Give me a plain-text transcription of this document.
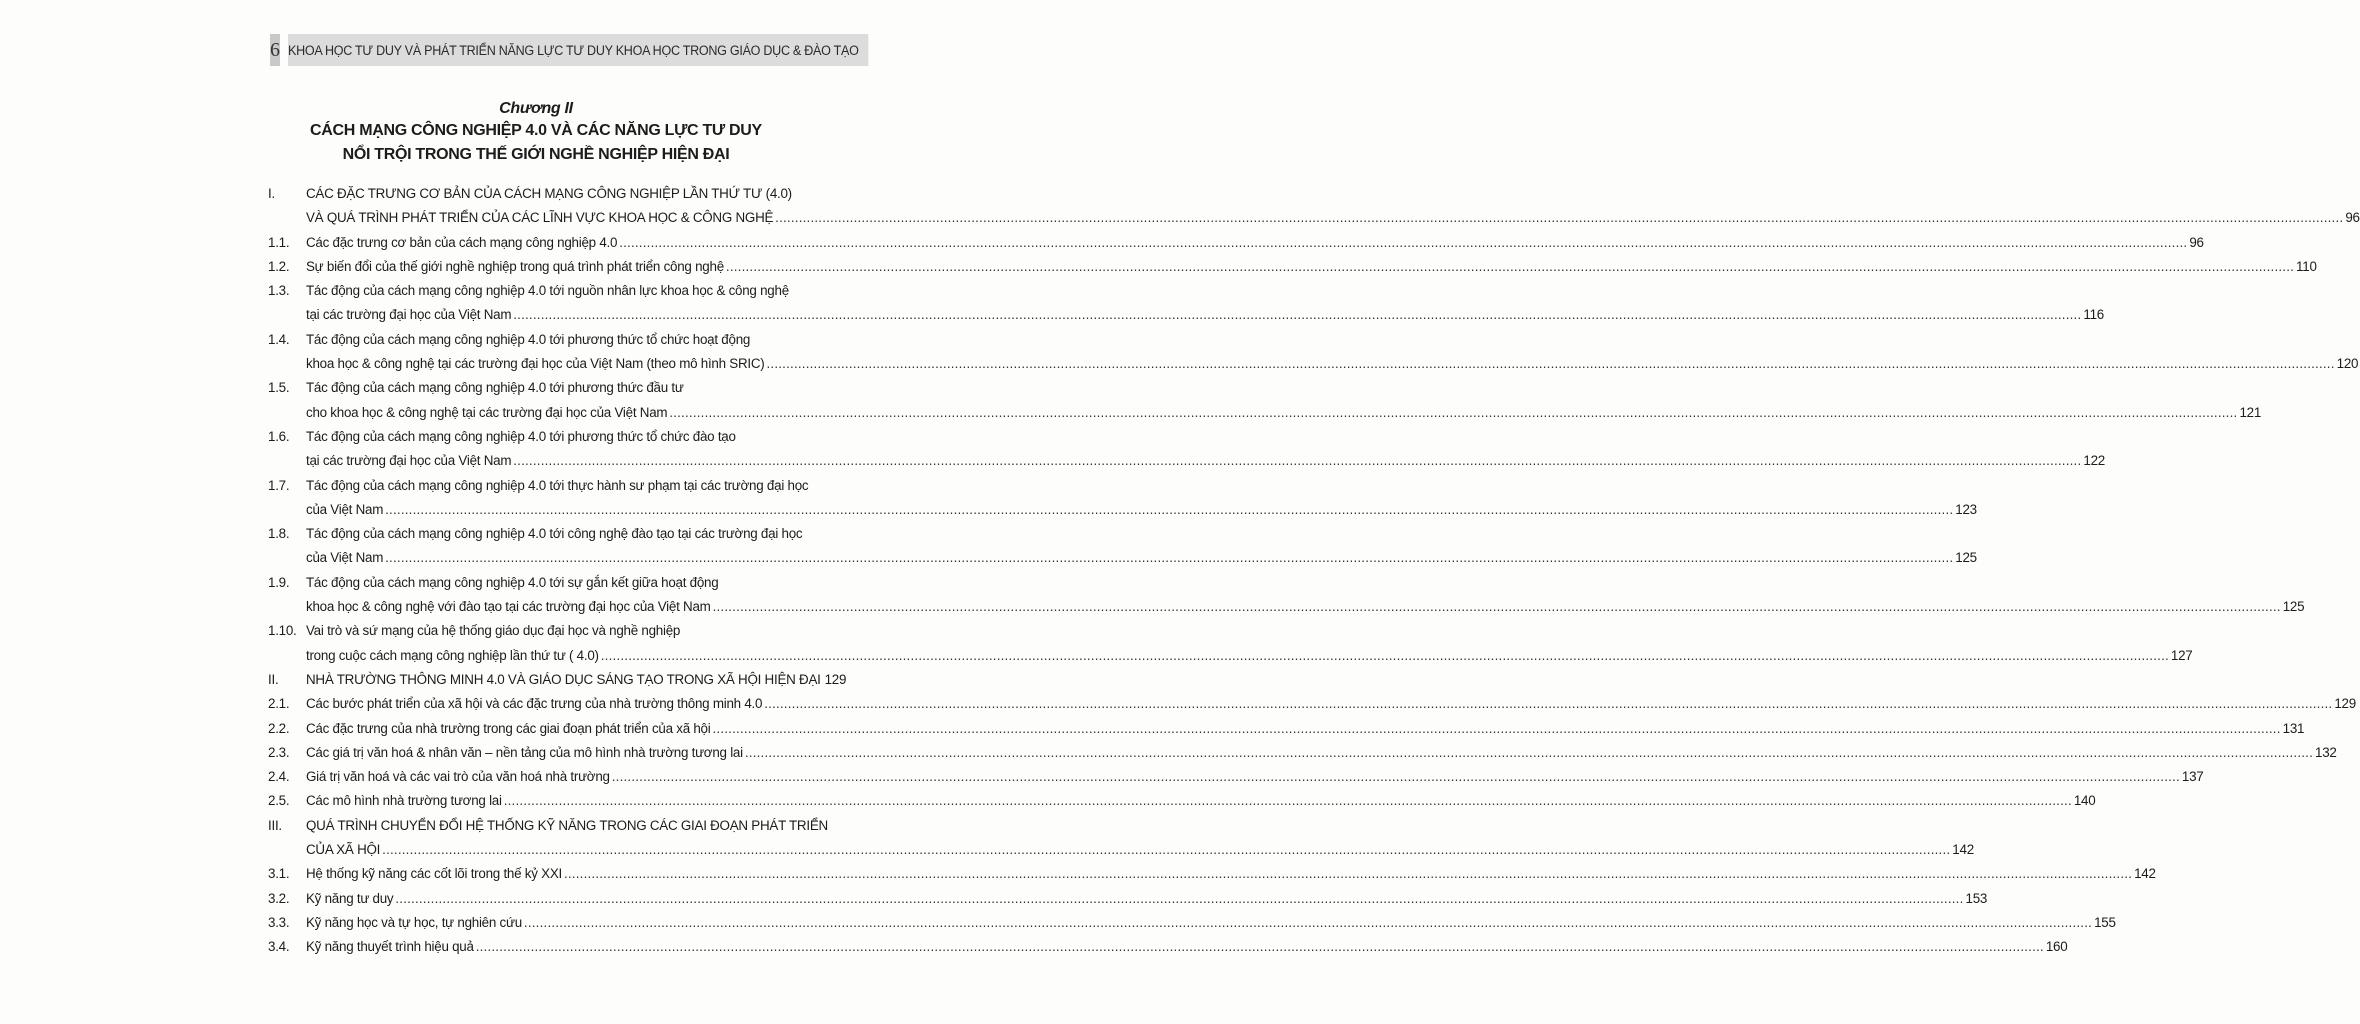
6 KHOA HỌC TƯ DUY VÀ PHÁT TRIỂN NĂNG LỰC TƯ DUY KHOA HỌC TRONG GIÁO DỤC & ĐÀO TẠO
Chương II
CÁCH MẠNG CÔNG NGHIỆP 4.0 VÀ CÁC NĂNG LỰC TƯ DUY
NỔI TRỘI TRONG THẾ GIỚI NGHỀ NGHIỆP HIỆN ĐẠI
I.	CÁC ĐẶC TRƯNG CƠ BẢN CỦA CÁCH MẠNG CÔNG NGHIỆP LẦN THỨ TƯ (4.0)
VÀ QUÁ TRÌNH PHÁT TRIỂN CỦA CÁC LĨNH VỰC KHOA HỌC & CÔNG NGHỆ ................................................................................................................................................................................................................................................................................................................................................................................................................ 96
1.1.	Các đặc trưng cơ bản của cách mạng công nghiệp 4.0 ................................................................................................................................................................................................................................................................................................................................................................................................................ 96
1.2.	Sự biến đổi của thế giới nghề nghiệp trong quá trình phát triển công nghệ ................................................................................................................................................................................................................................................................................................................................................................................................................ 110
1.3.	Tác động của cách mạng công nghiệp 4.0 tới nguồn nhân lực khoa học & công nghệ
tại các trường đại học của Việt Nam ................................................................................................................................................................................................................................................................................................................................................................................................................ 116
1.4.	Tác động của cách mạng công nghiệp 4.0 tới phương thức tổ chức hoạt động
khoa học & công nghệ tại các trường đại học của Việt Nam (theo mô hình SRIC) ................................................................................................................................................................................................................................................................................................................................................................................................................ 120
1.5.	Tác động của cách mạng công nghiệp 4.0 tới phương thức đầu tư
cho khoa học & công nghệ tại các trường đại học của Việt Nam ................................................................................................................................................................................................................................................................................................................................................................................................................ 121
1.6.	Tác động của cách mạng công nghiệp 4.0 tới phương thức tổ chức đào tạo
tại các trường đại học của Việt Nam ................................................................................................................................................................................................................................................................................................................................................................................................................ 122
1.7.	Tác động của cách mạng công nghiệp 4.0 tới thực hành sư phạm tại các trường đại học
của Việt Nam ................................................................................................................................................................................................................................................................................................................................................................................................................ 123
1.8.	Tác động của cách mạng công nghiệp 4.0 tới công nghệ đào tạo tại các trường đại học
của Việt Nam ................................................................................................................................................................................................................................................................................................................................................................................................................ 125
1.9.	Tác động của cách mạng công nghiệp 4.0 tới sự gắn kết giữa hoạt động
khoa học & công nghệ với đào tạo tại các trường đại học của Việt Nam ................................................................................................................................................................................................................................................................................................................................................................................................................ 125
1.10. Vai trò và sứ mạng của hệ thống giáo dục đại học và nghề nghiệp
trong cuộc cách mạng công nghiệp lần thứ tư ( 4.0) ................................................................................................................................................................................................................................................................................................................................................................................................................ 127
II.	NHÀ TRƯỜNG THÔNG MINH 4.0 VÀ GIÁO DỤC SÁNG TẠO TRONG XÃ HỘI HIỆN ĐẠI 129
2.1.	Các bước phát triển của xã hội và các đặc trưng của nhà trường thông minh 4.0 ................................................................................................................................................................................................................................................................................................................................................................................................................ 129
2.2.	Các đặc trưng của nhà trường trong các giai đoạn phát triển của xã hội ................................................................................................................................................................................................................................................................................................................................................................................................................ 131
2.3.	Các giá trị văn hoá & nhân văn – nền tảng của mô hình nhà trường tương lai ................................................................................................................................................................................................................................................................................................................................................................................................................ 132
2.4.	Giá trị văn hoá và các vai trò của văn hoá nhà trường ................................................................................................................................................................................................................................................................................................................................................................................................................ 137
2.5.	Các mô hình nhà trường tương lai ................................................................................................................................................................................................................................................................................................................................................................................................................ 140
III.	QUÁ TRÌNH CHUYỂN ĐỔI HỆ THỐNG KỸ NĂNG TRONG CÁC GIAI ĐOẠN PHÁT TRIỂN
CỦA XÃ HỘI ................................................................................................................................................................................................................................................................................................................................................................................................................ 142
3.1.	Hệ thống kỹ năng các cốt lõi trong thế kỷ XXI ................................................................................................................................................................................................................................................................................................................................................................................................................ 142
3.2.	Kỹ năng tư duy ................................................................................................................................................................................................................................................................................................................................................................................................................ 153
3.3.	Kỹ năng học và tự học, tự nghiên cứu ................................................................................................................................................................................................................................................................................................................................................................................................................ 155
3.4.	Kỹ năng thuyết trình hiệu quả ................................................................................................................................................................................................................................................................................................................................................................................................................ 160
